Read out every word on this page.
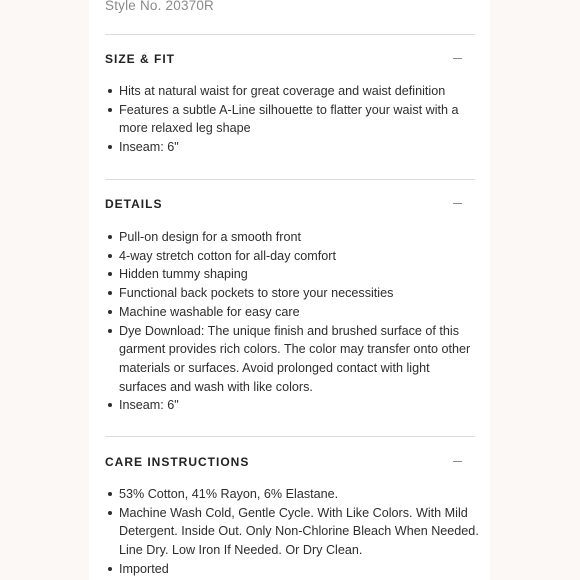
Style No. 20370R
SIZE & FIT
Hits at natural waist for great coverage and waist definition
Features a subtle A-Line silhouette to flatter your waist with a more relaxed leg shape
Inseam: 6"
DETAILS
Pull-on design for a smooth front
4-way stretch cotton for all-day comfort
Hidden tummy shaping
Functional back pockets to store your necessities
Machine washable for easy care
Dye Download: The unique finish and brushed surface of this garment provides rich colors. The color may transfer onto other materials or surfaces. Avoid prolonged contact with light surfaces and wash with like colors.
Inseam: 6"
CARE INSTRUCTIONS
53% Cotton, 41% Rayon, 6% Elastane.
Machine Wash Cold, Gentle Cycle. With Like Colors. With Mild Detergent. Inside Out. Only Non-Chlorine Bleach When Needed. Line Dry. Low Iron If Needed. Or Dry Clean.
Imported
